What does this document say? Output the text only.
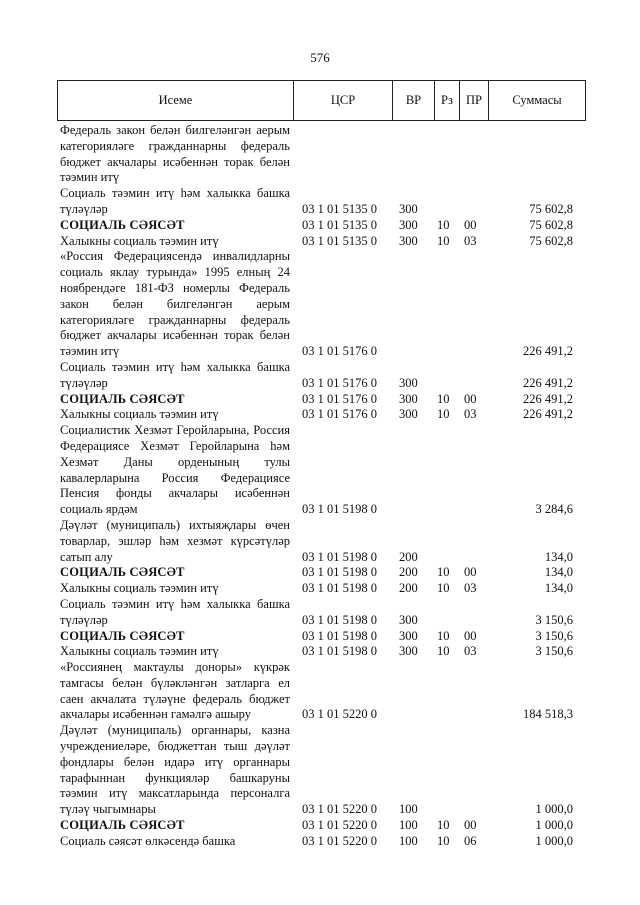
576
Исеме	ЦСР	ВР	Рз	ПР	Суммасы
Федераль закон белән билгеләнгән аерым категорияләге гражданнарны федераль бюджет акчалары исәбеннән торак белән тәэмин итү
Социаль тәэмин итү һәм халыкка башка түләүләр	03 1 01 5135 0 300	75 602,8
СОЦИАЛЬ СӘЯСӘТ	03 1 01 5135 0 300 10 00	75 602,8
Халыкны социаль тәэмин итү	03 1 01 5135 0 300 10 03	75 602,8
«Россия Федерациясендә инвалидларны социаль яклау турында» 1995 елның 24 ноябрендәге 181-ФЗ номерлы Федераль закон белән билгеләнгән аерым категорияләге гражданнарны федераль бюджет акчалары исәбеннән торак белән тәэмин итү	03 1 01 5176 0	226 491,2
Социаль тәэмин итү һәм халыкка башка түләүләр	03 1 01 5176 0 300	226 491,2
СОЦИАЛЬ СӘЯСӘТ	03 1 01 5176 0 300 10 00	226 491,2
Халыкны социаль тәэмин итү	03 1 01 5176 0 300 10 03	226 491,2
Социалистик Хезмәт Геройларына, Россия Федерациясе Хезмәт Геройларына һәм Хезмәт Даны орденының тулы кавалерларына Россия Федерациясе Пенсия фонды акчалары исәбеннән социаль ярдәм	03 1 01 5198 0	3 284,6
Дәүләт (муниципаль) ихтыяҗлары өчен товарлар, эшләр һәм хезмәт күрсәтүләр сатып алу	03 1 01 5198 0 200	134,0
СОЦИАЛЬ СӘЯСӘТ	03 1 01 5198 0 200 10 00	134,0
Халыкны социаль тәэмин итү	03 1 01 5198 0 200 10 03	134,0
Социаль тәэмин итү һәм халыкка башка түләүләр	03 1 01 5198 0 300	3 150,6
СОЦИАЛЬ СӘЯСӘТ	03 1 01 5198 0 300 10 00	3 150,6
Халыкны социаль тәэмин итү	03 1 01 5198 0 300 10 03	3 150,6
«Россиянең мактаулы доноры» күкрәк тамгасы белән бүләкләнгән затларга ел саен акчалата түләүне федераль бюджет акчалары исәбеннән гамәлгә ашыру	03 1 01 5220 0	184 518,3
Дәүләт (муниципаль) органнары, казна учреждениеләре, бюджеттан тыш дәүләт фондлары белән идарә итү органнары тарафыннан функцияләр башкаруны тәэмин итү максатларында персоналга түләү чыгымнары	03 1 01 5220 0 100	1 000,0
СОЦИАЛЬ СӘЯСӘТ	03 1 01 5220 0 100 10 00	1 000,0
Социаль сәясәт өлкәсендә башка	03 1 01 5220 0 100 10 06	1 000,0
